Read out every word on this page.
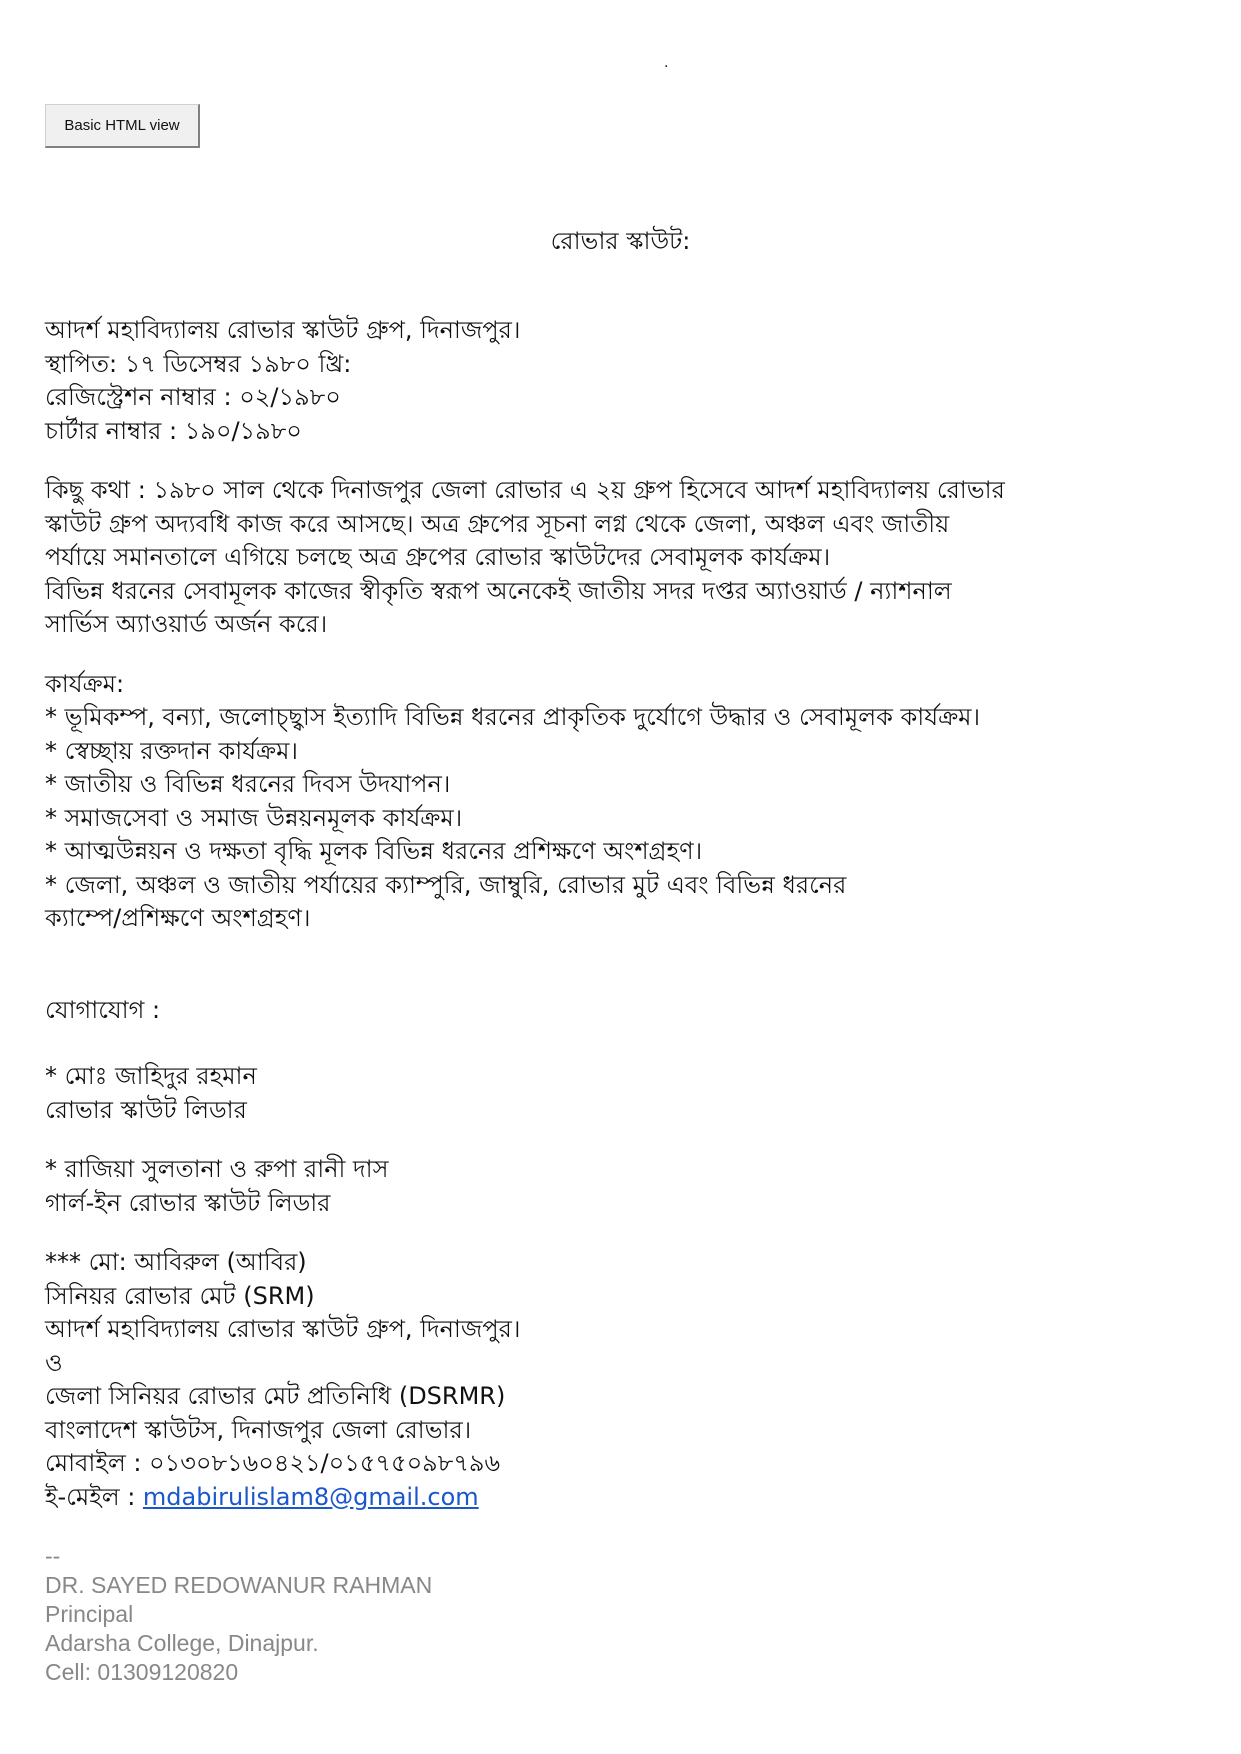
.
Basic HTML view
রোভার স্কাউট:

আদর্শ মহাবিদ্যালয় রোভার স্কাউট গ্রুপ, দিনাজপুর।

স্থাপিত: ১৭ ডিসেম্বর ১৯৮০ খ্রি:

রেজিস্ট্রেশন নাম্বার : ০২/১৯৮০

চার্টার নাম্বার : ১৯০/১৯৮০

কিছু কথা : ১৯৮০ সাল থেকে দিনাজপুর জেলা রোভার এ ২য় গ্রুপ হিসেবে আদর্শ মহাবিদ্যালয় রোভার

স্কাউট গ্রুপ অদ্যবধি কাজ করে আসছে। অত্র গ্রুপের সূচনা লগ্ন থেকে জেলা, অঞ্চল এবং জাতীয়

পর্যায়ে সমানতালে এগিয়ে চলছে অত্র গ্রুপের রোভার স্কাউটদের সেবামূলক কার্যক্রম।

বিভিন্ন ধরনের সেবামূলক কাজের স্বীকৃতি স্বরূপ অনেকেই জাতীয় সদর দপ্তর অ্যাওয়ার্ড / ন্যাশনাল

সার্ভিস অ্যাওয়ার্ড অর্জন করে।

কার্যক্রম:

* ভূমিকম্প, বন্যা, জলোচ্ছ্বাস ইত্যাদি বিভিন্ন ধরনের প্রাকৃতিক দুর্যোগে উদ্ধার ও সেবামূলক কার্যক্রম।

* স্বেচ্ছায় রক্তদান কার্যক্রম।

* জাতীয় ও বিভিন্ন ধরনের দিবস উদযাপন।

* সমাজসেবা ও সমাজ উন্নয়নমূলক কার্যক্রম।

* আত্মউন্নয়ন ও দক্ষতা বৃদ্ধি মূলক বিভিন্ন ধরনের প্রশিক্ষণে অংশগ্রহণ।

* জেলা, অঞ্চল ও জাতীয় পর্যায়ের ক্যাম্পুরি, জাম্বুরি, রোভার মুট এবং বিভিন্ন ধরনের

ক্যাম্পে/প্রশিক্ষণে অংশগ্রহণ।

যোগাযোগ :

* মোঃ জাহিদুর রহমান

রোভার স্কাউট লিডার

* রাজিয়া সুলতানা ও রুপা রানী দাস

গার্ল-ইন রোভার স্কাউট লিডার

*** মো: আবিরুল (আবির)

সিনিয়র রোভার মেট (SRM)

আদর্শ মহাবিদ্যালয় রোভার স্কাউট গ্রুপ, দিনাজপুর।

ও

জেলা সিনিয়র রোভার মেট প্রতিনিধি (DSRMR)

বাংলাদেশ স্কাউটস, দিনাজপুর জেলা রোভার।

মোবাইল : ০১৩০৮১৬০৪২১/০১৫৭৫০৯৮৭৯৬

ই-মেইল : mdabirulislam8@gmail.com

--

DR. SAYED REDOWANUR RAHMAN

Principal

Adarsha College, Dinajpur.

Cell: 01309120820
